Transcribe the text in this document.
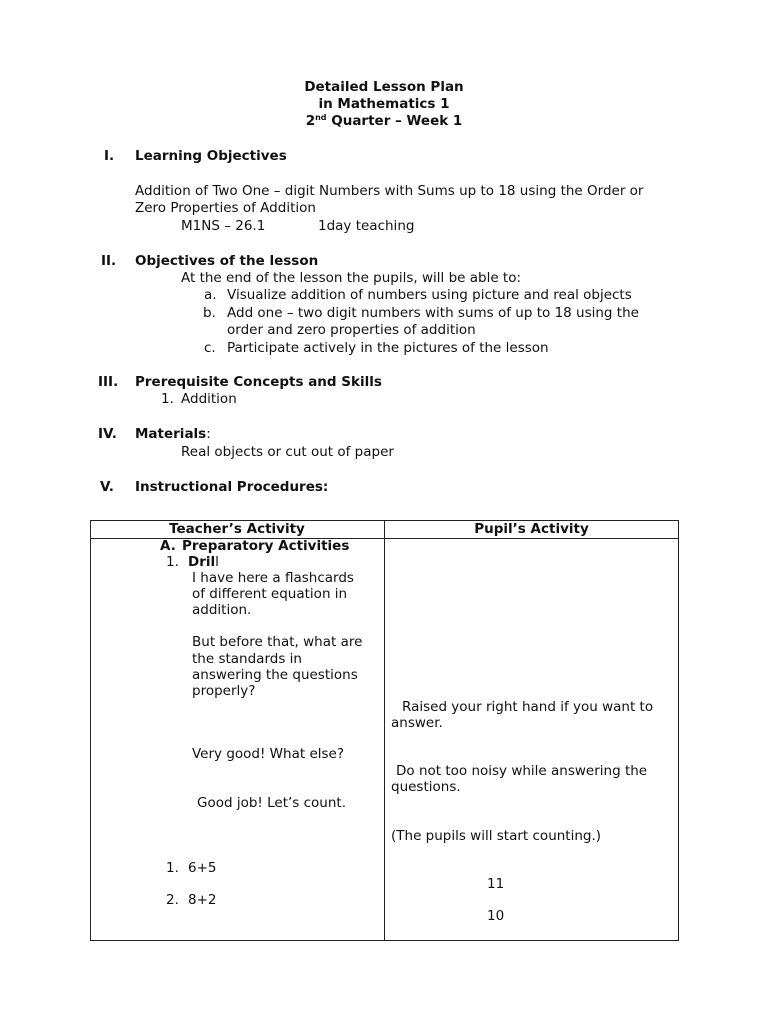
Detailed Lesson Plan
in Mathematics 1
2nd Quarter – Week 1
I. Learning Objectives
Addition of Two One – digit Numbers with Sums up to 18 using the Order or
Zero Properties of Addition
M1NS – 26.1	1day teaching
II. Objectives of the lesson
At the end of the lesson the pupils, will be able to:
a. Visualize addition of numbers using picture and real objects
b. Add one – two digit numbers with sums of up to 18 using the
order and zero properties of addition
c. Participate actively in the pictures of the lesson
III. Prerequisite Concepts and Skills
1. Addition
IV. Materials:
Real objects or cut out of paper
V. Instructional Procedures:
Teacher’s Activity	Pupil’s Activity
A. Preparatory Activities
1. Drill
I have here a flashcards
of different equation in
addition.
But before that, what are
the standards in
answering the questions
properly?
Very good! What else?
Good job! Let’s count.
1. 6+5
2. 8+2
Raised your right hand if you want to
answer.
Do not too noisy while answering the
questions.
(The pupils will start counting.)
11
10
